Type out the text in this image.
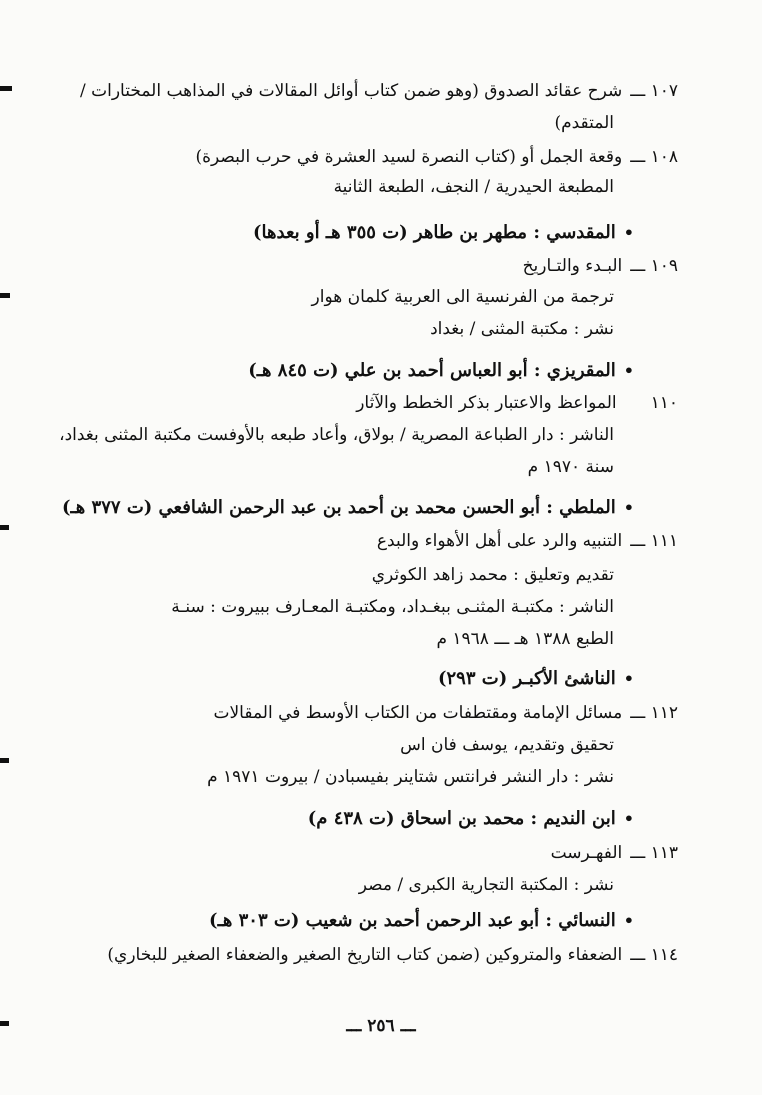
١٠٧ ـــشرح عقائد الصدوق (وهو ضمن كتاب أوائل المقالات في المذاهب المختارات /
المتقدم)
١٠٨ ـــوقعة الجمل أو (كتاب النصرة لسيد العشرة في حرب البصرة)
المطبعة الحيدرية / النجف، الطبعة الثانية
•المقدسي : مطهر بن طاهر (ت ٣٥٥ هـ أو بعدها)
١٠٩ ـــالبـدء والتـاريخ
ترجمة من الفرنسية الى العربية كلمان هوار
نشر : مكتبة المثنى / بغداد
•المقريزي : أبو العباس أحمد بن علي (ت ٨٤٥ هـ)
١١٠المواعظ والاعتبار بذكر الخطط والآثار
الناشر : دار الطباعة المصرية / بولاق، وأعاد طبعه بالأوفست مكتبة المثنى بغداد،
سنة ١٩٧٠ م
•الملطي : أبو الحسن محمد بن أحمد بن عبد الرحمن الشافعي (ت ٣٧٧ هـ)
١١١ ـــالتنبيه والرد على أهل الأهواء والبدع
تقديم وتعليق : محمد زاهد الكوثري
الناشر : مكتبـة المثنـى ببغـداد، ومكتبـة المعـارف ببيروت : سنـة
الطبع ١٣٨٨ هـ ـــ ١٩٦٨ م
•الناشئ الأكبـر (ت ٢٩٣)
١١٢ ـــمسائل الإمامة ومقتطفات من الكتاب الأوسط في المقالات
تحقيق وتقديم، يوسف فان اس
نشر : دار النشر فرانتس شتاينر بفيسبادن / بيروت ١٩٧١ م
•ابن النديم : محمد بن اسحاق (ت ٤٣٨ م)
١١٣ ـــالفهـرست
نشر : المكتبة التجارية الكبرى / مصر
•النسائي : أبو عبد الرحمن أحمد بن شعيب (ت ٣٠٣ هـ)
١١٤ ـــالضعفاء والمتروكين (ضمن كتاب التاريخ الصغير والضعفاء الصغير للبخاري)
ـــ ٢٥٦ ـــ
